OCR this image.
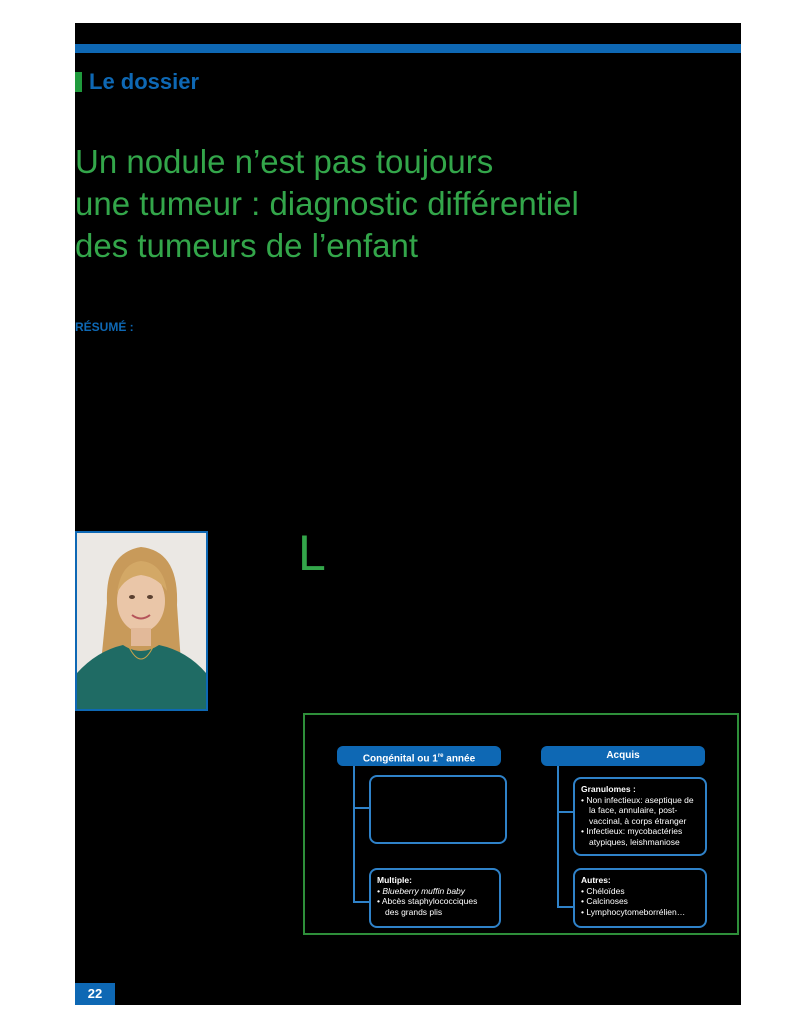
Le dossier
Un nodule n’est pas toujours
une tumeur : diagnostic différentiel
des tumeurs de l’enfant
RÉSUMÉ :
L
Congénital ou 1re année	Acquis
Multiple:
• Blueberry muffin baby
• Abcès staphylococciques des grands plis
Granulomes :
• Non infectieux: aseptique de la face, annulaire, post-vaccinal, à corps étranger
• Infectieux: mycobactéries atypiques, leishmaniose
Autres:
• Chéloïdes
• Calcinoses
• Lymphocytomeborrélien…
22
